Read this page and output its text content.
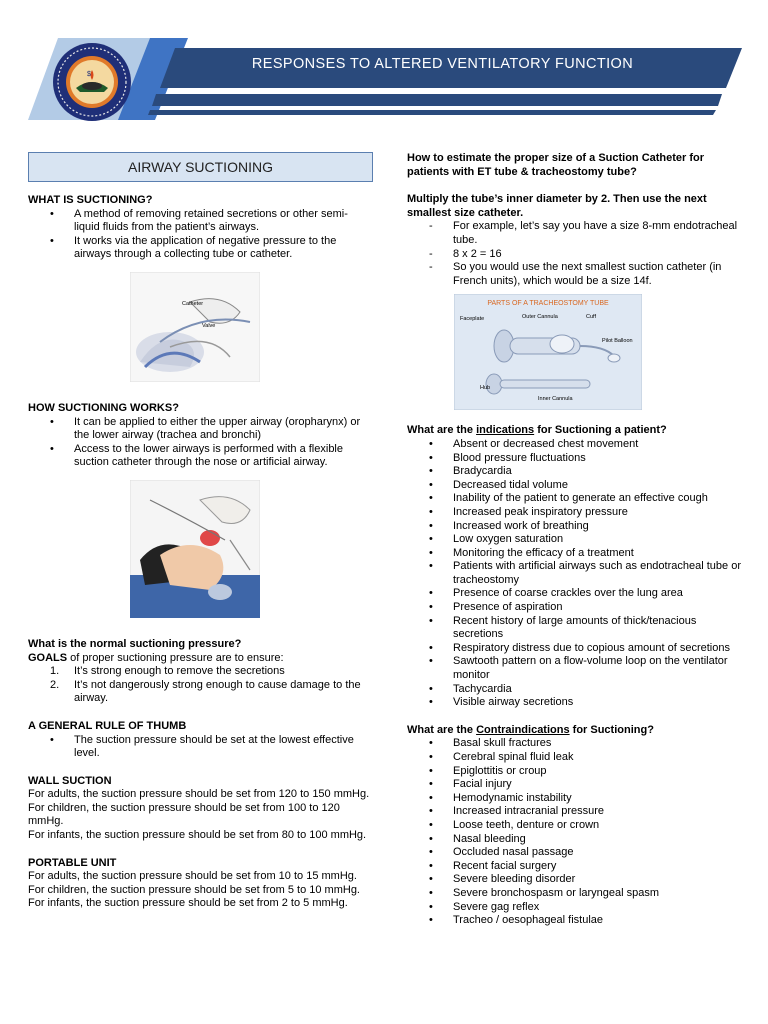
$
RESPONSES TO ALTERED VENTILATORY FUNCTION
AIRWAY SUCTIONING

WHAT IS SUCTIONING?

• A method of removing retained secretions or other semi-liquid fluids from the patient’s airways.
• It works via the application of negative pressure to the airways through a collecting tube or catheter.
Catheter
Valve

HOW SUCTIONING WORKS?

• It can be applied to either the upper airway (oropharynx) or the lower airway (trachea and bronchi)
• Access to the lower airways is performed with a flexible suction catheter through the nose or artificial airway.

What is the normal suctioning pressure?

GOALS of proper suctioning pressure are to ensure:

1. It’s strong enough to remove the secretions
2. It’s not dangerously strong enough to cause damage to the airway.

A GENERAL RULE OF THUMB

• The suction pressure should be set at the lowest effective level.

WALL SUCTION

For adults, the suction pressure should be set from 120 to 150 mmHg.

For children, the suction pressure should be set from 100 to 120 mmHg.

For infants, the suction pressure should be set from 80 to 100 mmHg.

PORTABLE UNIT

For adults, the suction pressure should be set from 10 to 15 mmHg.

For children, the suction pressure should be set from 5 to 10 mmHg.

For infants, the suction pressure should be set from 2 to 5 mmHg.

How to estimate the proper size of a Suction Catheter for patients with ET tube & tracheostomy tube?

Multiply the tube’s inner diameter by 2. Then use the next smallest size catheter.

- For example, let’s say you have a size 8-mm endotracheal tube.
- 8 x 2 = 16
- So you would use the next smallest suction catheter (in French units), which would be a size 14f.
PARTS OF A TRACHEOSTOMY TUBE
Faceplate	Outer Cannula	Cuff
Pilot Balloon
Hub
Inner Cannula

What are the indications for Suctioning a patient?

• Absent or decreased chest movement
• Blood pressure fluctuations
• Bradycardia
• Decreased tidal volume
• Inability of the patient to generate an effective cough
• Increased peak inspiratory pressure
• Increased work of breathing
• Low oxygen saturation
• Monitoring the efficacy of a treatment
• Patients with artificial airways such as endotracheal tube or tracheostomy
• Presence of coarse crackles over the lung area
• Presence of aspiration
• Recent history of large amounts of thick/tenacious secretions
• Respiratory distress due to copious amount of secretions
• Sawtooth pattern on a flow-volume loop on the ventilator monitor
• Tachycardia
• Visible airway secretions

What are the Contraindications for Suctioning?

• Basal skull fractures
• Cerebral spinal fluid leak
• Epiglottitis or croup
• Facial injury
• Hemodynamic instability
• Increased intracranial pressure
• Loose teeth, denture or crown
• Nasal bleeding
• Occluded nasal passage
• Recent facial surgery
• Severe bleeding disorder
• Severe bronchospasm or laryngeal spasm
• Severe gag reflex
• Tracheo / oesophageal fistulae
